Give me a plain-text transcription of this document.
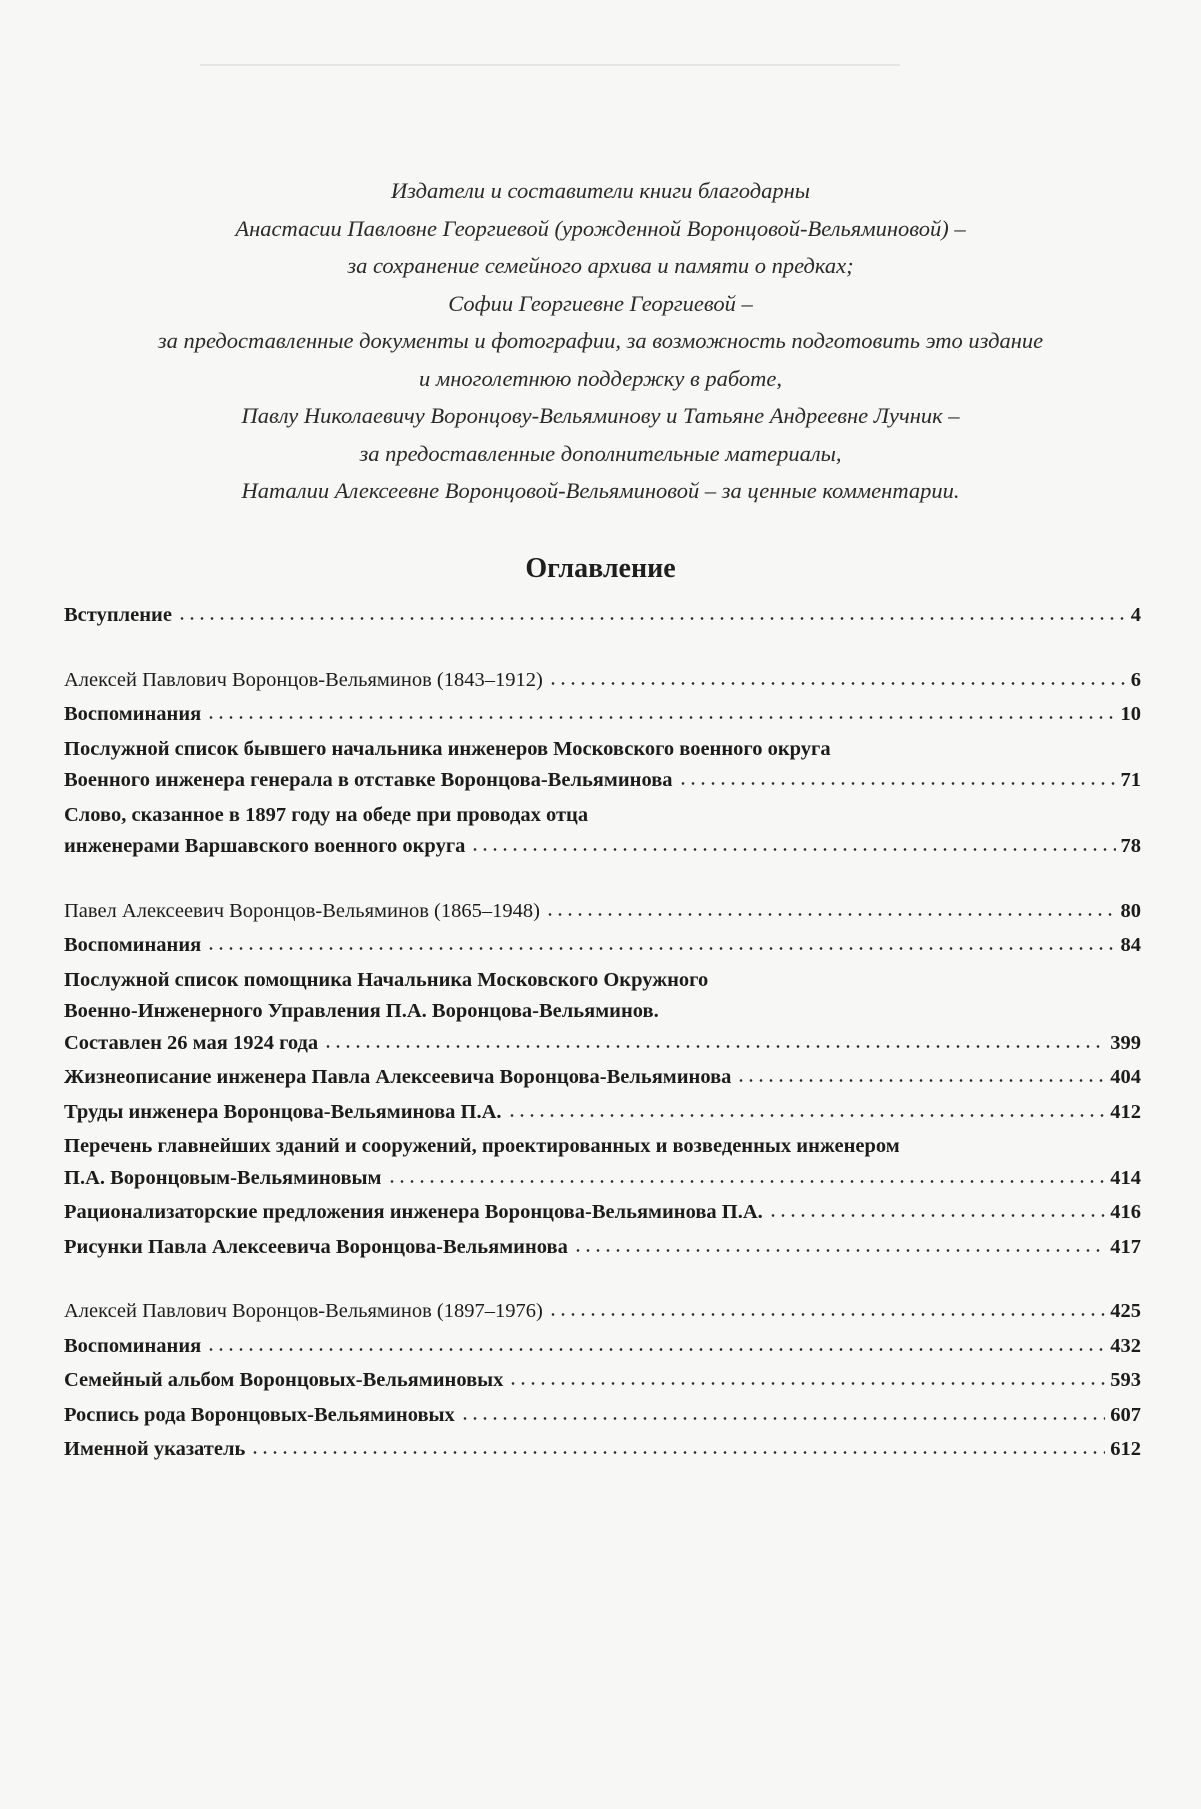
Издатели и составители книги благодарны
Анастасии Павловне Георгиевой (урожденной Воронцовой-Вельяминовой) –
за сохранение семейного архива и памяти о предках;
Софии Георгиевне Георгиевой –
за предоставленные документы и фотографии, за возможность подготовить это издание
и многолетнюю поддержку в работе,
Павлу Николаевичу Воронцову-Вельяминову и Татьяне Андреевне Лучник –
за предоставленные дополнительные материалы,
Наталии Алексеевне Воронцовой-Вельяминовой – за ценные комментарии.
Оглавление
Вступление	4
Алексей Павлович Воронцов-Вельяминов (1843–1912)	6
Воспоминания	10
Послужной список бывшего начальника инженеров Московского военного округа
Военного инженера генерала в отставке Воронцова-Вельяминова	71
Слово, сказанное в 1897 году на обеде при проводах отца
инженерами Варшавского военного округа	78
Павел Алексеевич Воронцов-Вельяминов (1865–1948)	80
Воспоминания	84
Послужной список помощника Начальника Московского Окружного
Военно-Инженерного Управления П.А. Воронцова-Вельяминов.
Составлен 26 мая 1924 года	399
Жизнеописание инженера Павла Алексеевича Воронцова-Вельяминова	404
Труды инженера Воронцова-Вельяминова П.А.	412
Перечень главнейших зданий и сооружений, проектированных и возведенных инженером
П.А. Воронцовым-Вельяминовым	414
Рационализаторские предложения инженера Воронцова-Вельяминова П.А.	416
Рисунки Павла Алексеевича Воронцова-Вельяминова	417
Алексей Павлович Воронцов-Вельяминов (1897–1976)	425
Воспоминания	432
Семейный альбом Воронцовых-Вельяминовых	593
Роспись рода Воронцовых-Вельяминовых	607
Именной указатель	612
